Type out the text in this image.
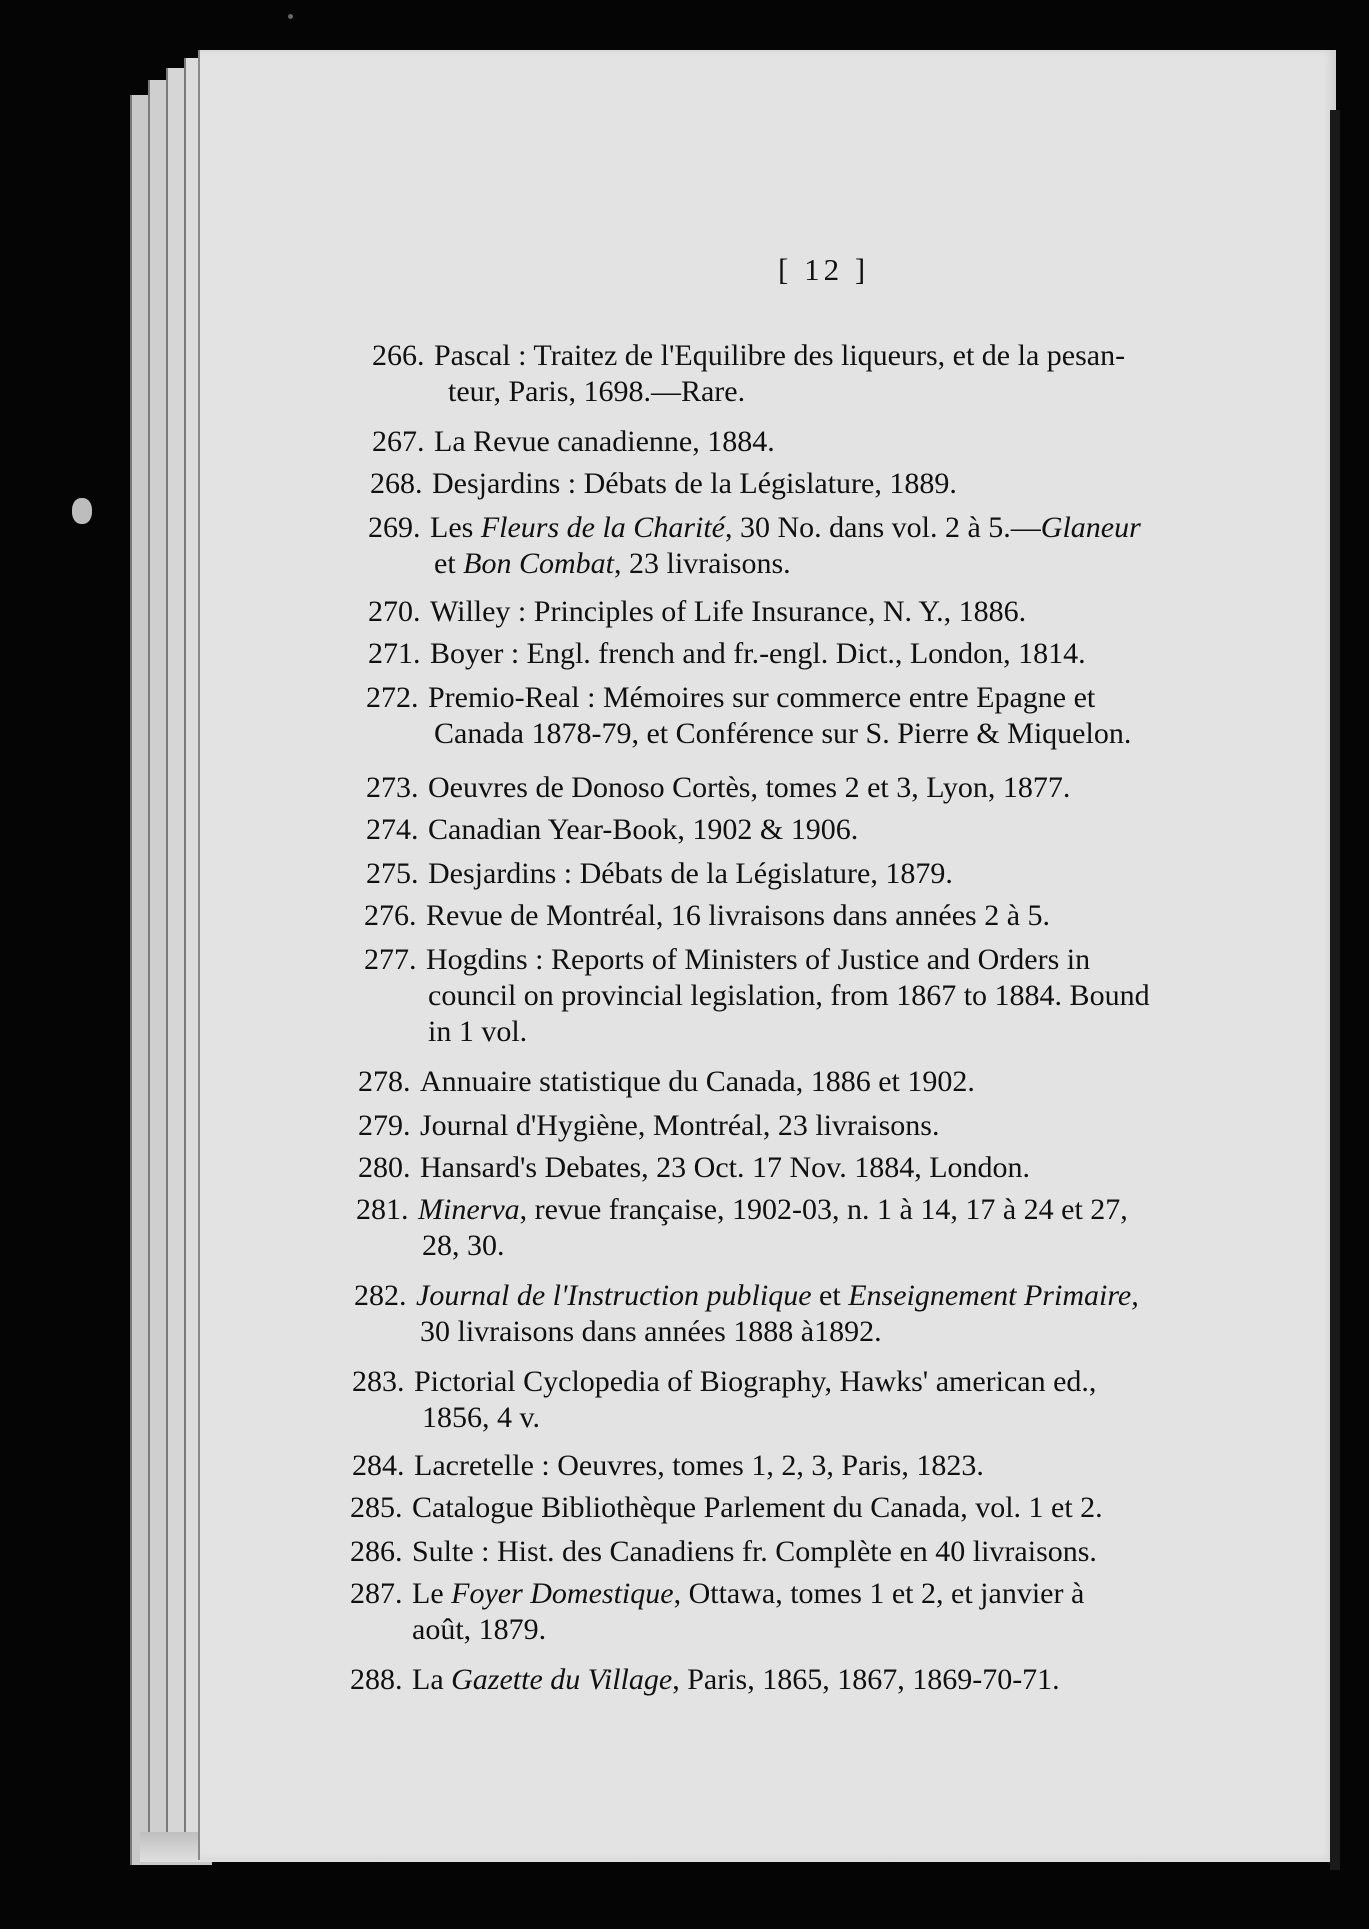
[ 12 ]
266. Pascal : Traitez de l'Equilibre des liqueurs, et de la pesan-
teur, Paris, 1698.—Rare.
267. La Revue canadienne, 1884.
268. Desjardins : Débats de la Législature, 1889.
269. Les Fleurs de la Charité, 30 No. dans vol. 2 à 5.—Glaneur
et Bon Combat, 23 livraisons.
270. Willey : Principles of Life Insurance, N. Y., 1886.
271. Boyer : Engl. french and fr.-engl. Dict., London, 1814.
272. Premio-Real : Mémoires sur commerce entre Epagne et
Canada 1878-79, et Conférence sur S. Pierre & Miquelon.
273. Oeuvres de Donoso Cortès, tomes 2 et 3, Lyon, 1877.
274. Canadian Year-Book, 1902 & 1906.
275. Desjardins : Débats de la Législature, 1879.
276. Revue de Montréal, 16 livraisons dans années 2 à 5.
277. Hogdins : Reports of Ministers of Justice and Orders in
council on provincial legislation, from 1867 to 1884. Bound
in 1 vol.
278. Annuaire statistique du Canada, 1886 et 1902.
279. Journal d'Hygiène, Montréal, 23 livraisons.
280. Hansard's Debates, 23 Oct. 17 Nov. 1884, London.
281. Minerva, revue française, 1902-03, n. 1 à 14, 17 à 24 et 27,
28, 30.
282. Journal de l'Instruction publique et Enseignement Primaire,
30 livraisons dans années 1888 à1892.
283. Pictorial Cyclopedia of Biography, Hawks' american ed.,
1856, 4 v.
284. Lacretelle : Oeuvres, tomes 1, 2, 3, Paris, 1823.
285. Catalogue Bibliothèque Parlement du Canada, vol. 1 et 2.
286. Sulte : Hist. des Canadiens fr. Complète en 40 livraisons.
287. Le Foyer Domestique, Ottawa, tomes 1 et 2, et janvier à
août, 1879.
288. La Gazette du Village, Paris, 1865, 1867, 1869-70-71.
